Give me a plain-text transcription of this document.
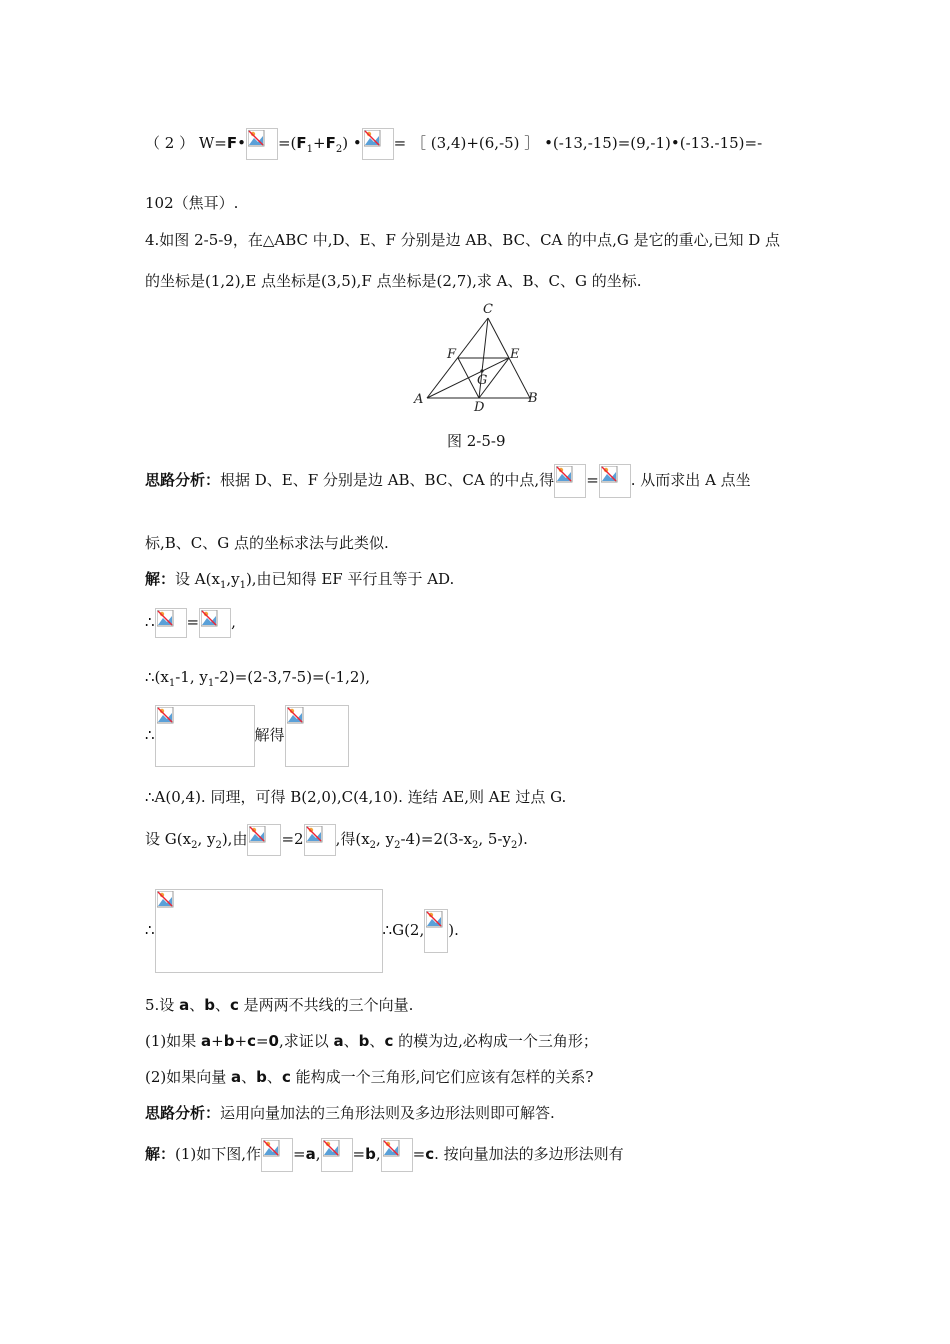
（ 2 ） W=F• $=(F_1+F_2)$ • = ［ (3,4)+(6,-5) ］ •(-13,-15)=(9,-1)•(-13.-15)=-
102（焦耳）.
4.如图 2-5-9，在△ABC 中,D、E、F 分别是边 AB、BC、CA 的中点,G 是它的重心,已知 D 点
的坐标是(1,2),E 点坐标是(3,5),F 点坐标是(2,7),求 A、B、C、G 的坐标.
C
F	E
G
A
D
B
图 2-5-9
思路分析：根据 D、E、F 分别是边 AB、BC、CA 的中点,得 = . 从而求出 A 点坐
标,B、C、G 点的坐标求法与此类似.
解：设 $A(x_1,y_1)$,由已知得 EF 平行且等于 AD.
∴ = ,
$\therefore(x_1-1$, $y_1-2)=(2-3,7-5)=(-1,2)$,
∴	解得
∴A(0,4). 同理，可得 B(2,0),C(4,10). 连结 AE,则 AE 过点 G.
设 $G(x_2$, $y_2$),由 =2 ,得($x_2$, $y_2-4)=2(3-x_2$, $5-y_2$).
∴	∴G(2, ).
5.设 a、b、c 是两两不共线的三个向量.
(1)如果 a+b+c=0,求证以 a、b、c 的模为边,必构成一个三角形；
(2)如果向量 a、b、c 能构成一个三角形,问它们应该有怎样的关系?
思路分析：运用向量加法的三角形法则及多边形法则即可解答.
解：(1)如下图,作 =a, =b, =c. 按向量加法的多边形法则有
